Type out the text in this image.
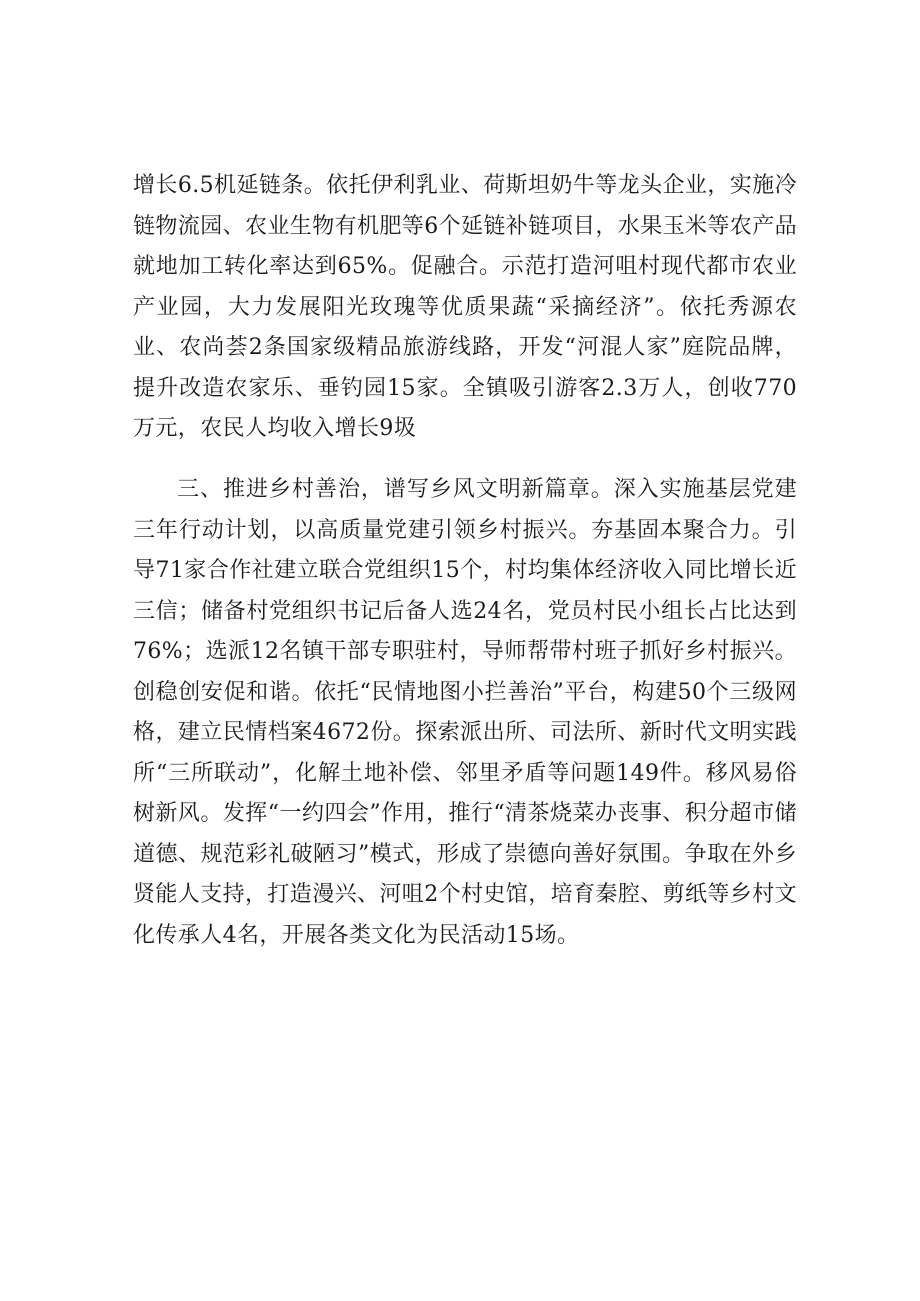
增长6.5机延链条。依托伊利乳业、荷斯坦奶牛等龙头企业，实施冷链物流园、农业生物有机肥等6个延链补链项目，水果玉米等农产品就地加工转化率达到65%。促融合。示范打造河咀村现代都市农业产业园，大力发展阳光玫瑰等优质果蔬“采摘经济”。依托秀源农业、农尚荟2条国家级精品旅游线路，开发“河混人家”庭院品牌，提升改造农家乐、垂钓园15家。全镇吸引游客2.3万人，创收770万元，农民人均收入增长9圾

三、推进乡村善治，谱写乡风文明新篇章。深入实施基层党建三年行动计划，以高质量党建引领乡村振兴。夯基固本聚合力。引导71家合作社建立联合党组织15个，村均集体经济收入同比增长近三信；储备村党组织书记后备人选24名，党员村民小组长占比达到76%；选派12名镇干部专职驻村，导师帮带村班子抓好乡村振兴。创稳创安促和谐。依托“民情地图小拦善治”平台，构建50个三级网格，建立民情档案4672份。探索派出所、司法所、新时代文明实践所“三所联动”，化解土地补偿、邻里矛盾等问题149件。移风易俗树新风。发挥“一约四会”作用，推行“清茶烧菜办丧事、积分超市储道德、规范彩礼破陋习”模式，形成了崇德向善好氛围。争取在外乡贤能人支持，打造漫兴、河咀2个村史馆，培育秦腔、剪纸等乡村文化传承人4名，开展各类文化为民活动15场。
